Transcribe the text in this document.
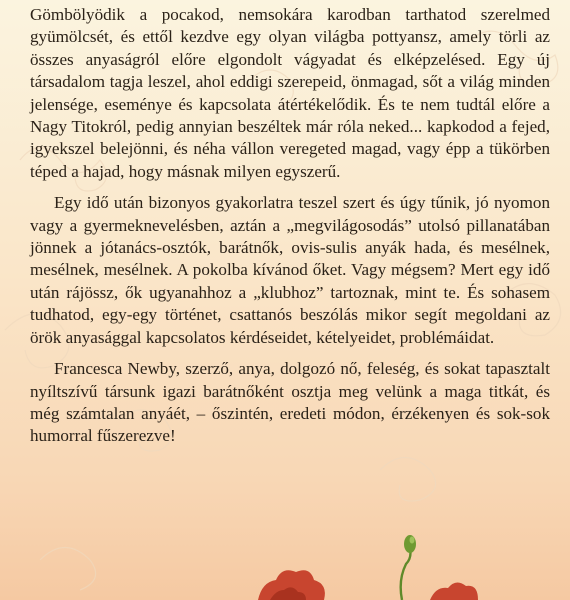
Gömbölyödik a pocakod, nemsokára karodban tarthatod szerelmed gyümölcsét, és ettől kezdve egy olyan világba pottyansz, amely törli az összes anyaságról előre elgondolt vágyadat és elképzelésed. Egy új társadalom tagja leszel, ahol eddigi szerepeid, önmagad, sőt a világ minden jelensége, eseménye és kapcsolata átértékelődik. És te nem tudtál előre a Nagy Titokról, pedig annyian beszéltek már róla neked... kapkodod a fejed, igyekszel belejönni, és néha vállon veregeted magad, vagy épp a tükörben téped a hajad, hogy másnak milyen egyszerű.

Egy idő után bizonyos gyakorlatra teszel szert és úgy tűnik, jó nyomon vagy a gyermeknevelésben, aztán a „megvilágosodás” utolsó pillanatában jönnek a jótanács-osztók, barátnők, ovis-sulis anyák hada, és mesélnek, mesélnek, mesélnek. A pokolba kívánod őket. Vagy mégsem? Mert egy idő után rájössz, ők ugyanahhoz a „klubhoz” tartoznak, mint te. És sohasem tudhatod, egy-egy történet, csattanós beszólás mikor segít megoldani az örök anyasággal kapcsolatos kérdéseidet, kételyeidet, problémáidat.

Francesca Newby, szerző, anya, dolgozó nő, feleség, és sokat tapasztalt nyíltszívű társunk igazi barátnőként osztja meg velünk a maga titkát, és még számtalan anyáét, – őszintén, eredeti módon, érzékenyen és sok-sok humorral fűszerezve!
